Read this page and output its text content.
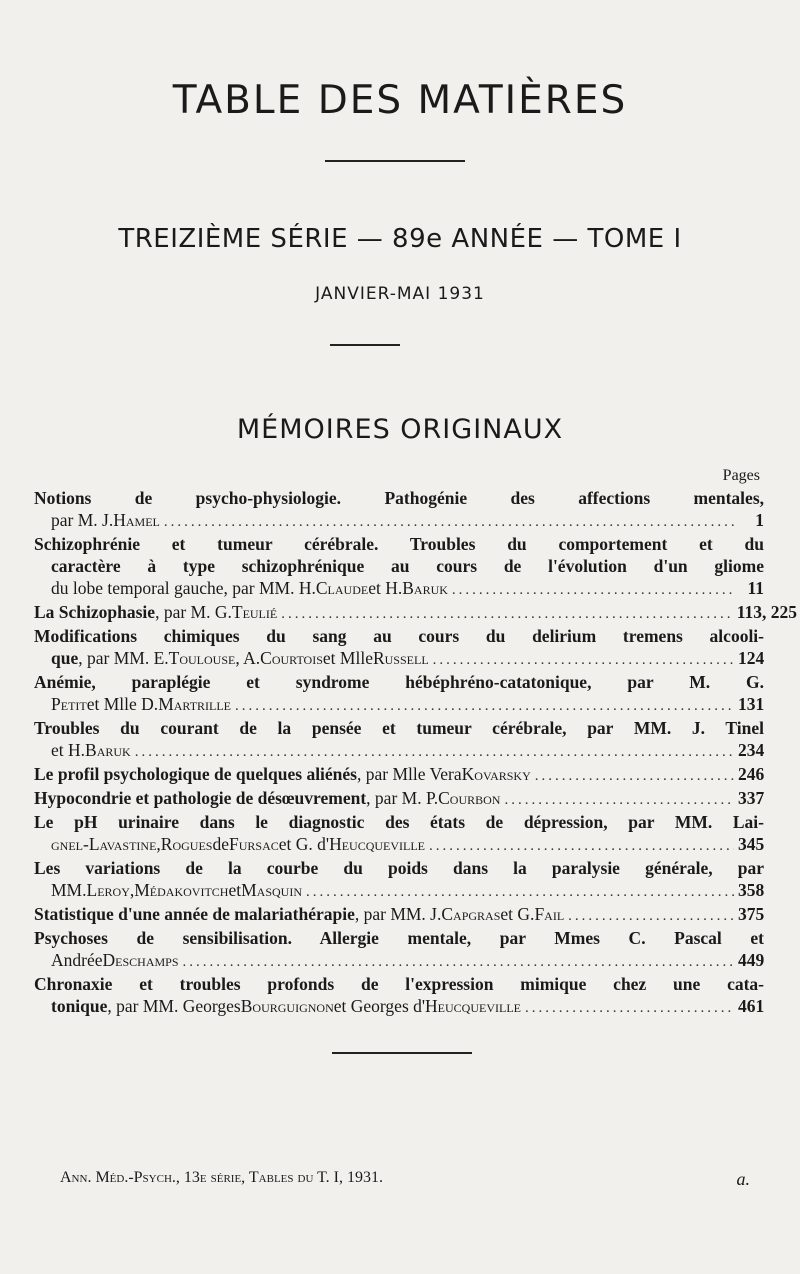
TABLE DES MATIÈRES
TREIZIÈME SÉRIE — 89e ANNÉE — TOME I
JANVIER-MAI 1931
MÉMOIRES ORIGINAUX
Pages
Notions de psycho-physiologie. Pathogénie des affections mentales,
par M. J. Hamel .....	1
Schizophrénie et tumeur cérébrale. Troubles du comportement et du
caractère à type schizophrénique au cours de l'évolution d'un gliome
du lobe temporal gauche, par MM. H. Claude et H. Baruk .....	11
La Schizophasie , par M. G. Teulié .....	113, 225
Modifications chimiques du sang au cours du delirium tremens alcooli-
que , par MM. E. Toulouse , A. Courtois et Mlle Russell .....	124
Anémie, paraplégie et syndrome hébéphréno-catatonique, par M. G.
Petit et Mlle D. Martrille .....	131
Troubles du courant de la pensée et tumeur cérébrale, par MM. J. Tinel
et H. Baruk .....	234
Le profil psychologique de quelques aliénés , par Mlle Vera Kovarsky .....	246
Hypocondrie et pathologie de désœuvrement , par M. P. Courbon .....	337
Le pH urinaire dans le diagnostic des états de dépression, par MM. Lai-
gnel-Lavastine , Rogues de Fursac et G. d' Heucqueville .....	345
Les variations de la courbe du poids dans la paralysie générale, par
MM. Leroy , Médakovitch et Masquin .....	358
Statistique d'une année de malariathérapie , par MM. J. Capgras et G. Fail .....	375
Psychoses de sensibilisation. Allergie mentale, par Mmes C. Pascal et
Andrée Deschamps .....	449
Chronaxie et troubles profonds de l'expression mimique chez une cata-
tonique , par MM. Georges Bourguignon et Georges d' Heucqueville .....	461
Ann. Méd.-Psych., 13e série, Tables du T. I, 1931.	a.
